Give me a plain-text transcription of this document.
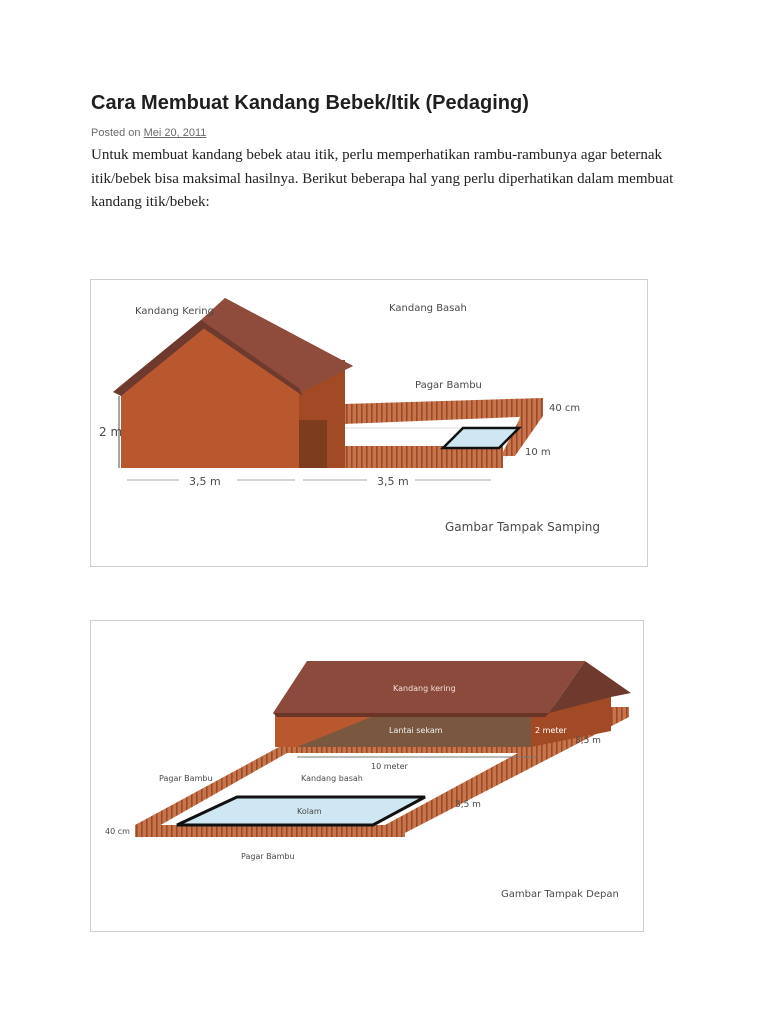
Cara Membuat Kandang Bebek/Itik (Pedaging)
Posted on Mei 20, 2011

Untuk membuat kandang bebek atau itik, perlu memperhatikan rambu-rambunya agar beternak itik/bebek bisa maksimal hasilnya. Berikut beberapa hal yang perlu diperhatikan dalam membuat kandang itik/bebek:

2 m
3,5 m	3,5 m
Kandang Kering	Kandang Basah
Pagar Bambu
40 cm
10 m
Gambar Tampak Samping
10 meter
Kandang kering
Lantai sekam	2 meter
3,5 m
Pagar Bambu	Kandang basah
Kolam
3,5 m
40 cm
Pagar Bambu
Gambar Tampak Depan
